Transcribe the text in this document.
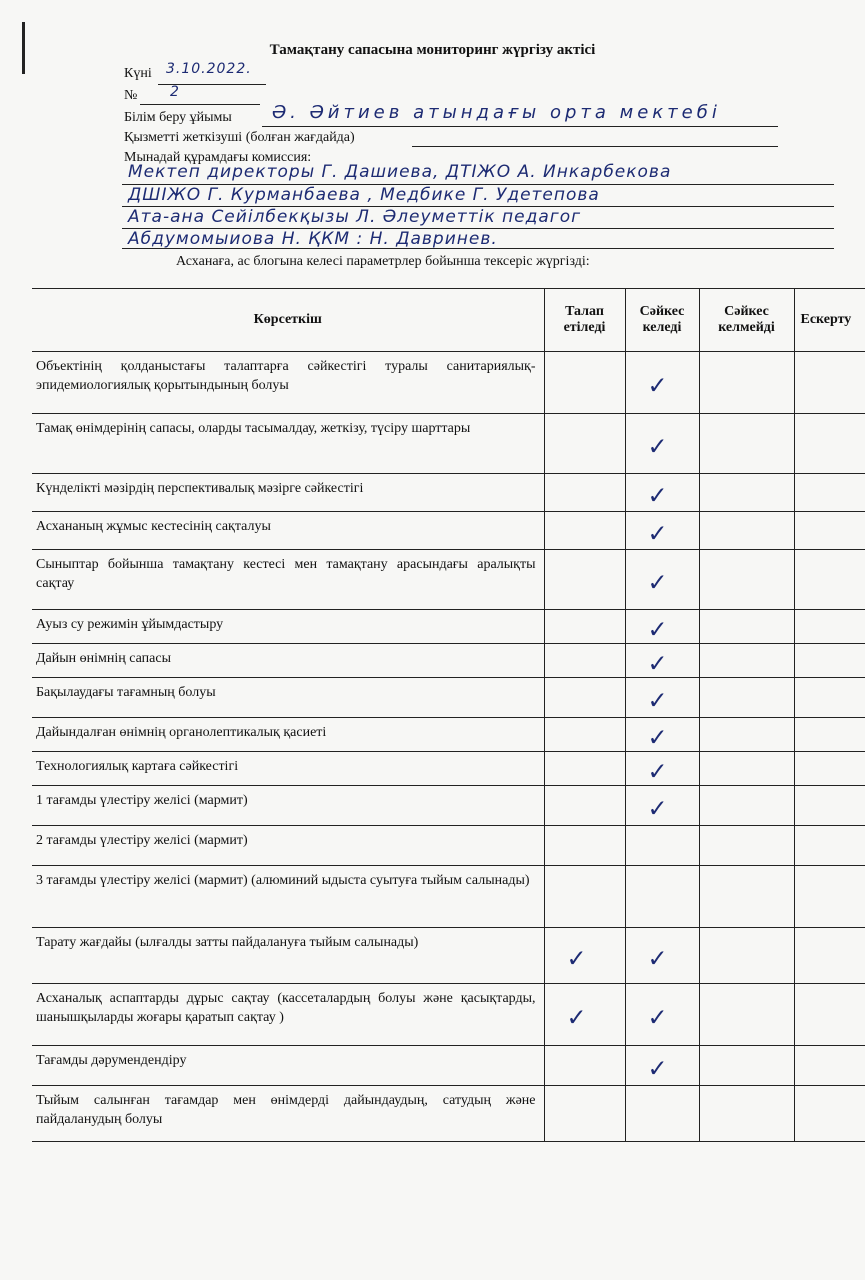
Тамақтану сапасына мониторинг жүргізу актісі
Күні 3.10.2022.
№ 2
Білім беру ұйымы Ә. Әйтиев атындағы орта мектебі
Қызметті жеткізуші (болған жағдайда)
Мынадай құрамдағы комиссия:
Мектеп директоры Г. Дашиева, ДТІЖО А. Инкарбекова
ДШІЖО Г. Курманбаева , Медбике Г. Удетепова
Ата-ана Сейілбекқызы Л. Әлеуметтік педагог
Абдумомыиова Н. ҚКМ : Н. Давринев.
Асханаға, ас блогына келесі параметрлер бойынша тексеріс жүргізді:
Көрсеткіш	Талап етіледі	Сәйкес келеді	Сәйкес келмейді	Ескерту
Объектінің қолданыстағы талаптарға сәйкестігі туралы санитариялық-эпидемиологиялық қорытындының болуы		✓		

Тамақ өнімдерінің сапасы, оларды тасымалдау, жеткізу, түсіру шарттары		✓		

Күнделікті мәзірдің перспективалық мәзірге сәйкестігі		✓		

Асхананың жұмыс кестесінің сақталуы		✓		

Сыныптар бойынша тамақтану кестесі мен тамақтану арасындағы аралықты сақтау		✓		

Ауыз су режимін ұйымдастыру		✓		

Дайын өнімнің сапасы		✓		

Бақылаудағы тағамның болуы		✓		

Дайындалған өнімнің органолептикалық қасиеті		✓		

Технологиялық картаға сәйкестігі		✓		

1 тағамды үлестіру желісі (мармит)		✓		

2 тағамды үлестіру желісі (мармит)	

3 тағамды үлестіру желісі (мармит) (алюминий ыдыста суытуға тыйым салынады)	

Тарату жағдайы (ылғалды затты пайдалануға тыйым салынады)	✓	✓		

Асханалық аспаптарды дұрыс сақтау (кассеталардың болуы және қасықтарды, шанышқыларды жоғары қаратып сақтау )	✓	✓		

Тағамды дәрумендендіру		✓		

Тыйым салынған тағамдар мен өнімдерді дайындаудың, сатудың және пайдаланудың болуы	
